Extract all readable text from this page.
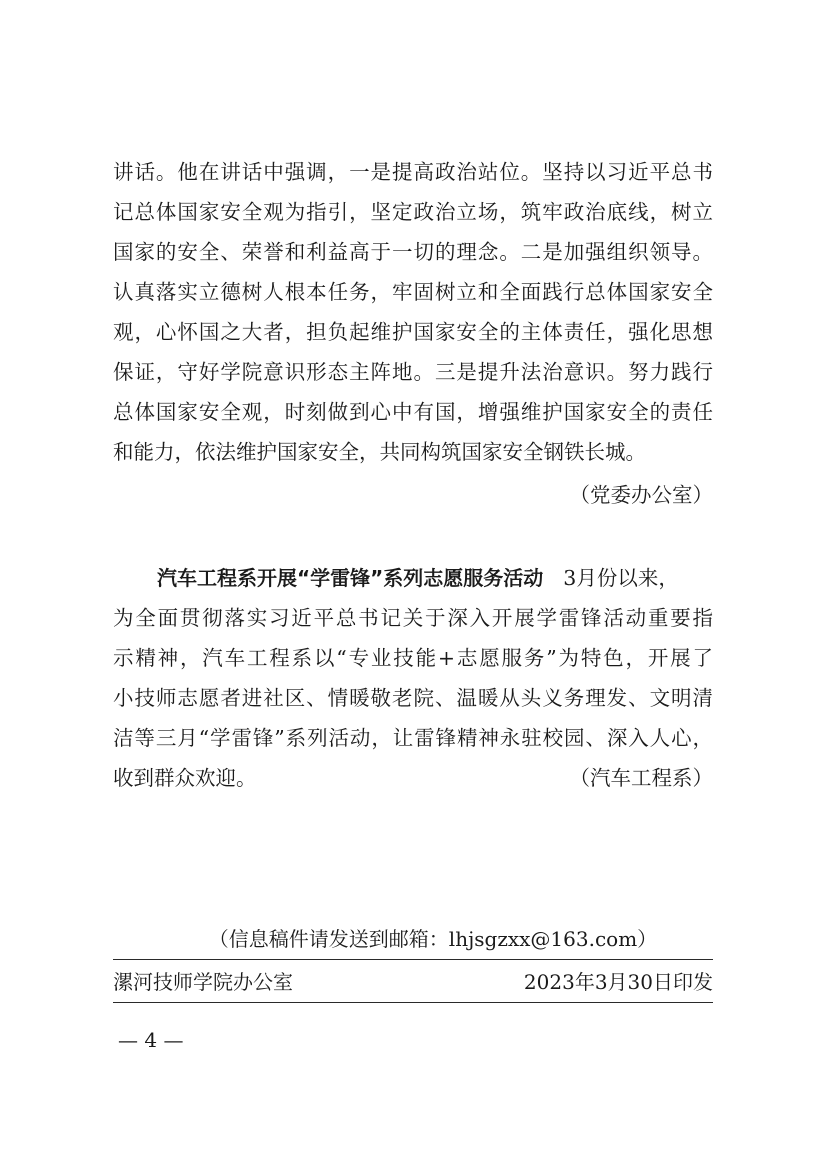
讲话。他在讲话中强调，一是提高政治站位。坚持以习近平总书
记总体国家安全观为指引，坚定政治立场，筑牢政治底线，树立
国家的安全、荣誉和利益高于一切的理念。二是加强组织领导。
认真落实立德树人根本任务，牢固树立和全面践行总体国家安全
观，心怀国之大者，担负起维护国家安全的主体责任，强化思想
保证，守好学院意识形态主阵地。三是提升法治意识。努力践行
总体国家安全观，时刻做到心中有国，增强维护国家安全的责任
和能力，依法维护国家安全，共同构筑国家安全钢铁长城。
（党委办公室）
汽车工程系开展“学雷锋”系列志愿服务活动 3月份以来，
为全面贯彻落实习近平总书记关于深入开展学雷锋活动重要指
示精神，汽车工程系以“专业技能+志愿服务”为特色，开展了
小技师志愿者进社区、情暖敬老院、温暖从头义务理发、文明清
洁等三月“学雷锋”系列活动，让雷锋精神永驻校园、深入人心，
收到群众欢迎。	（汽车工程系）
（信息稿件请发送到邮箱：lhjsgzxx@163.com）
漯河技师学院办公室	2023年3月30日印发
— 4 —
